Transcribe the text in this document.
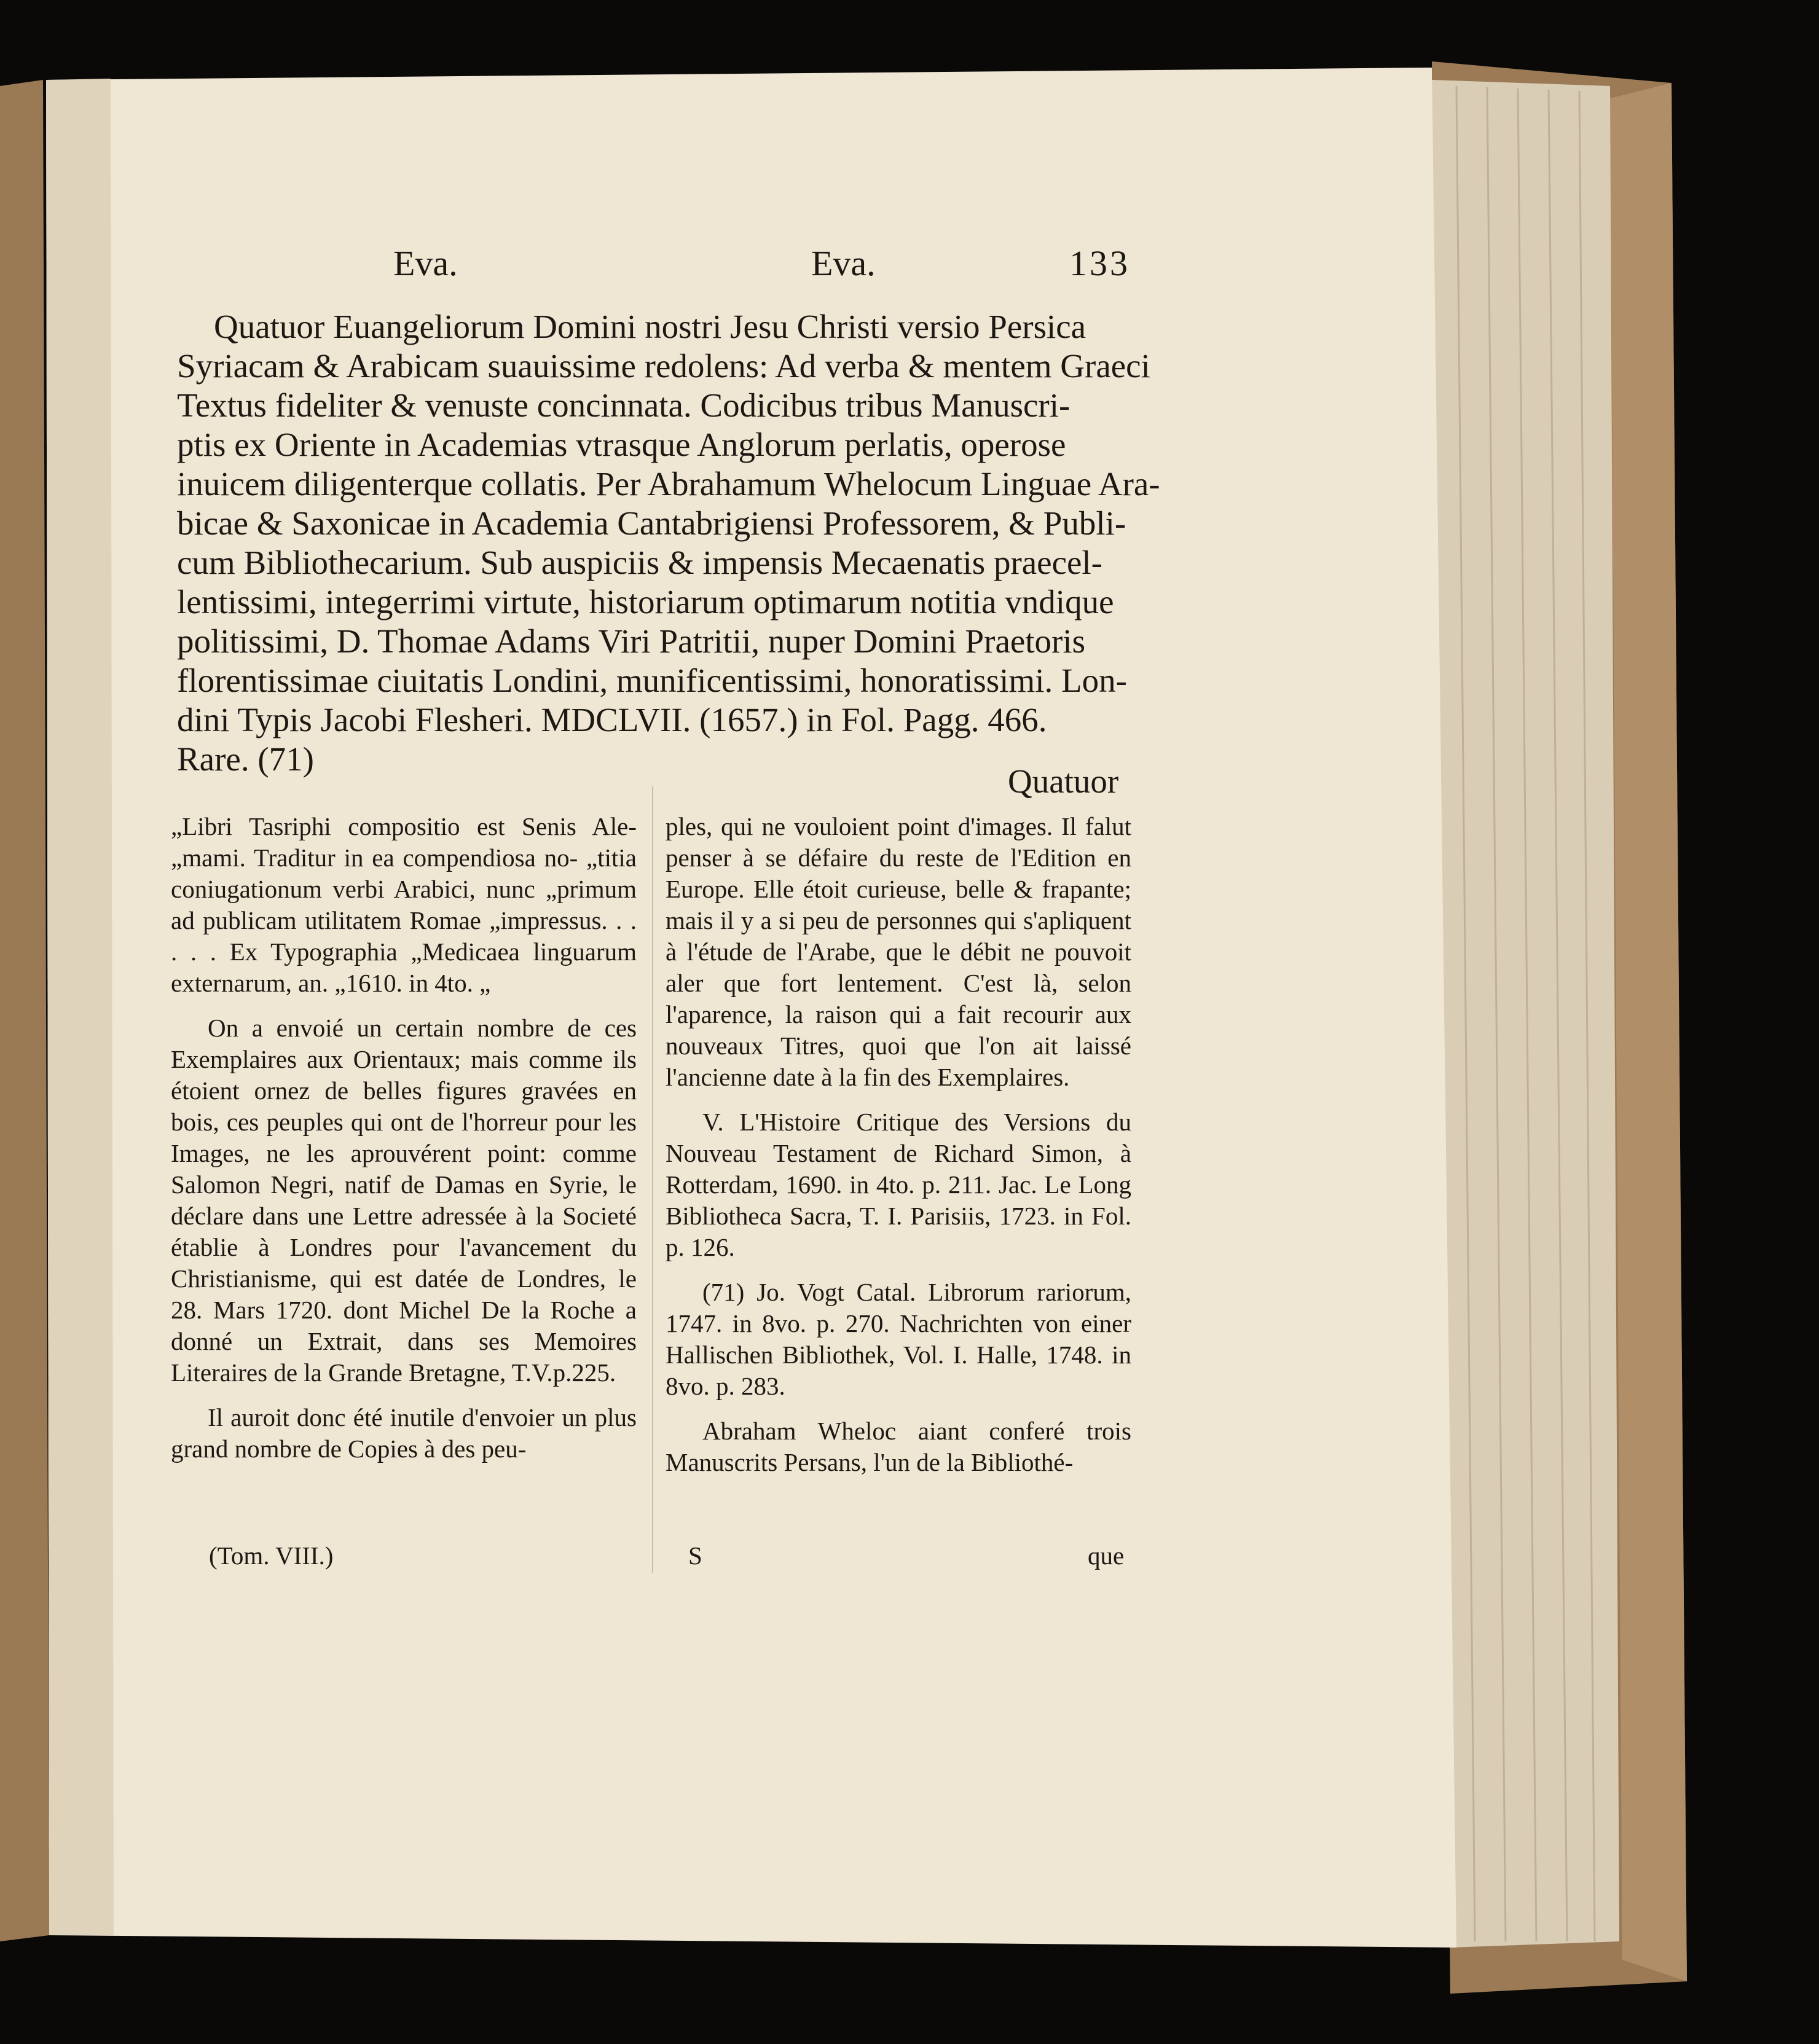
Eva.	Eva.	133
Quatuor Euangeliorum Domini nostri Jesu Christi versio Persica
Syriacam & Arabicam suauissime redolens: Ad verba & mentem Graeci
Textus fideliter & venuste concinnata. Codicibus tribus Manuscri-
ptis ex Oriente in Academias vtrasque Anglorum perlatis, operose
inuicem diligenterque collatis. Per Abrahamum Whelocum Linguae Ara-
bicae & Saxonicae in Academia Cantabrigiensi Professorem, & Publi-
cum Bibliothecarium. Sub auspiciis & impensis Mecaenatis praecel-
lentissimi, integerrimi virtute, historiarum optimarum notitia vndique
politissimi, D. Thomae Adams Viri Patritii, nuper Domini Praetoris
florentissimae ciuitatis Londini, munificentissimi, honoratissimi. Lon-
dini Typis Jacobi Flesheri. MDCLVII. (1657.) in Fol. Pagg. 466.
Rare. (71)
Quatuor

„Libri Tasriphi compositio est Senis Ale- „mami. Traditur in ea compendiosa no- „titia coniugationum verbi Arabici, nunc „primum ad publicam utilitatem Romae „impressus. . . . . . Ex Typographia „Medicaea linguarum externarum, an. „1610. in 4to. „

On a envoié un certain nombre de ces Exemplaires aux Orientaux; mais comme ils étoient ornez de belles figures gravées en bois, ces peuples qui ont de l'horreur pour les Images, ne les aprouvérent point: comme Salomon Negri, natif de Damas en Syrie, le déclare dans une Lettre adressée à la Societé établie à Londres pour l'avancement du Christianisme, qui est datée de Londres, le 28. Mars 1720. dont Michel De la Roche a donné un Extrait, dans ses Memoires Literaires de la Grande Bretagne, T.V.p.225.

Il auroit donc été inutile d'envoier un plus grand nombre de Copies à des peu-

(Tom. VIII.)

ples, qui ne vouloient point d'images. Il falut penser à se défaire du reste de l'Edition en Europe. Elle étoit curieuse, belle & frapante; mais il y a si peu de personnes qui s'apliquent à l'étude de l'Arabe, que le débit ne pouvoit aler que fort lentement. C'est là, selon l'aparence, la raison qui a fait recourir aux nouveaux Titres, quoi que l'on ait laissé l'ancienne date à la fin des Exemplaires.

V. L'Histoire Critique des Versions du Nouveau Testament de Richard Simon, à Rotterdam, 1690. in 4to. p. 211. Jac. Le Long Bibliotheca Sacra, T. I. Parisiis, 1723. in Fol. p. 126.

(71) Jo. Vogt Catal. Librorum rariorum, 1747. in 8vo. p. 270. Nachrichten von einer Hallischen Bibliothek, Vol. I. Halle, 1748. in 8vo. p. 283.

Abraham Wheloc aiant conferé trois Manuscrits Persans, l'un de la Bibliothé-

S	que
